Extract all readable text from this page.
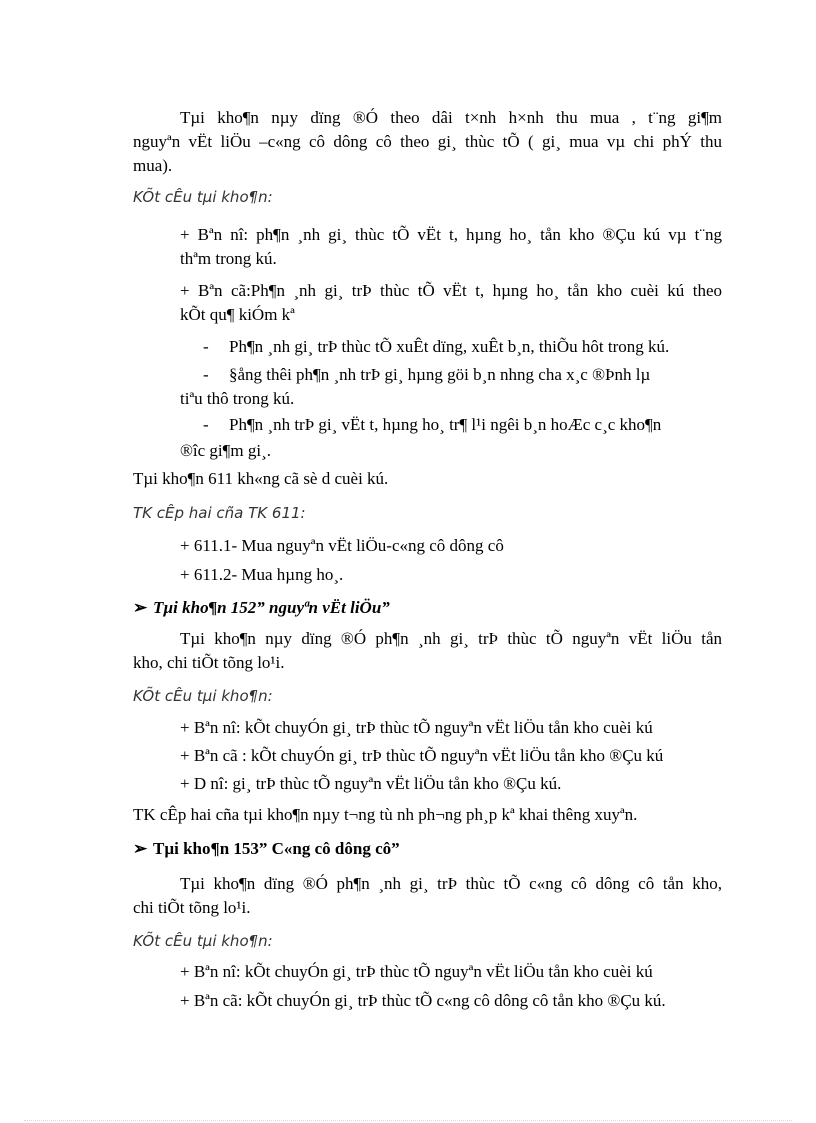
Tµi kho¶n nµy dïng ®Ó theo dâi t×nh h×nh thu mua , t¨ng gi¶m
nguyªn vËt liÖu –c«ng cô dông cô theo gi¸ thùc tÕ ( gi¸ mua vµ chi phÝ thu
mua).
KÕt cÊu tµi kho¶n:
+ Bªn nî: ph¶n ¸nh gi¸ thùc tÕ vËt t, hµng ho¸ tån kho ®Çu kú vµ t¨ng
thªm trong kú.
+ Bªn cã:Ph¶n ¸nh gi¸ trÞ thùc tÕ vËt t, hµng ho¸ tån kho cuèi kú theo
kÕt qu¶ kiÓm kª
- Ph¶n ¸nh gi¸ trÞ thùc tÕ xuÊt dïng, xuÊt b¸n, thiÕu hôt trong kú.
- §ång thêi ph¶n ¸nh trÞ gi¸ hµng göi b¸n nhng cha x¸c ®Þnh lµ
tiªu thô trong kú.
- Ph¶n ¸nh trÞ gi¸ vËt t, hµng ho¸ tr¶ l¹i ngêi b¸n hoÆc c¸c kho¶n
®îc gi¶m gi¸.
Tµi kho¶n 611 kh«ng cã sè d cuèi kú.
TK cÊp hai cña TK 611:
+ 611.1- Mua nguyªn vËt liÖu-c«ng cô dông cô
+ 611.2- Mua hµng ho¸.
➢ Tµi kho¶n 152” nguyªn vËt liÖu”
Tµi kho¶n nµy dïng ®Ó ph¶n ¸nh gi¸ trÞ thùc tÕ nguyªn vËt liÖu tån
kho, chi tiÕt tõng lo¹i.
KÕt cÊu tµi kho¶n:
+ Bªn nî: kÕt chuyÓn gi¸ trÞ thùc tÕ nguyªn vËt liÖu tån kho cuèi kú
+ Bªn cã : kÕt chuyÓn gi¸ trÞ thùc tÕ nguyªn vËt liÖu tån kho ®Çu kú
+ D nî: gi¸ trÞ thùc tÕ nguyªn vËt liÖu tån kho ®Çu kú.
TK cÊp hai cña tµi kho¶n nµy t¬ng tù nh ph¬ng ph¸p kª khai thêng xuyªn.
➢ Tµi kho¶n 153” C«ng cô dông cô”
Tµi kho¶n dïng ®Ó ph¶n ¸nh gi¸ trÞ thùc tÕ c«ng cô dông cô tån kho,
chi tiÕt tõng lo¹i.
KÕt cÊu tµi kho¶n:
+ Bªn nî: kÕt chuyÓn gi¸ trÞ thùc tÕ nguyªn vËt liÖu tån kho cuèi kú
+ Bªn cã: kÕt chuyÓn gi¸ trÞ thùc tÕ c«ng cô dông cô tån kho ®Çu kú.
